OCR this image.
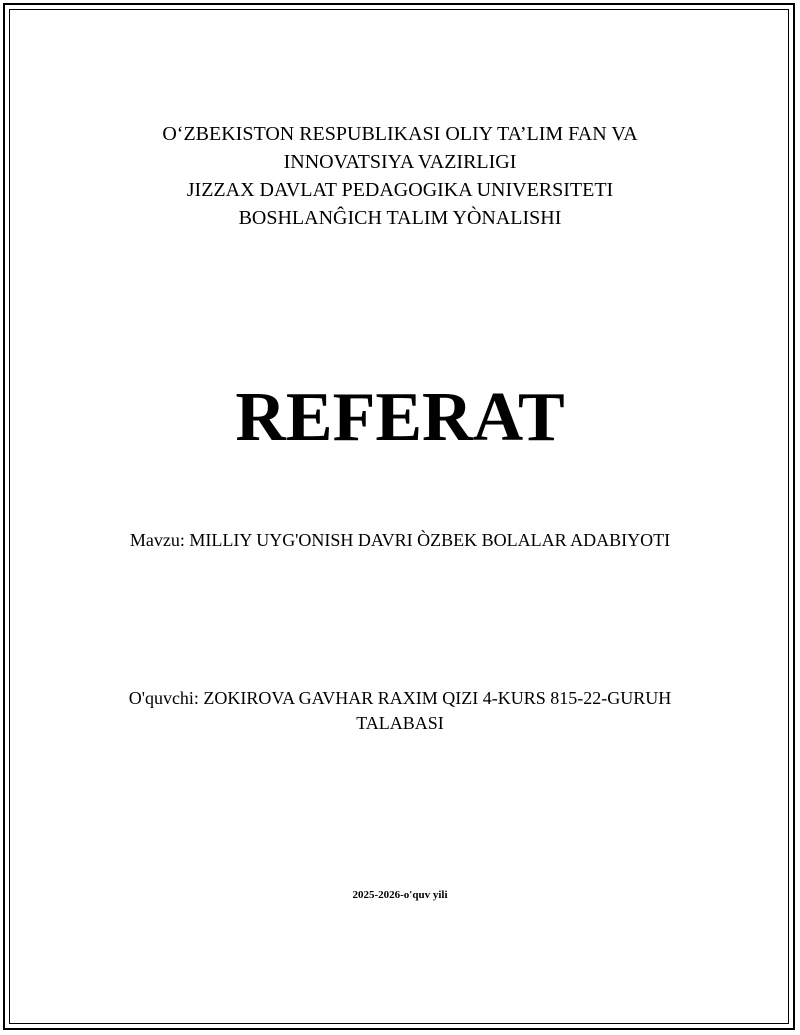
O‘ZBEKISTON RESPUBLIKASI OLIY TA’LIM FAN VA
INNOVATSIYA VAZIRLIGI
JIZZAX DAVLAT PEDAGOGIKA UNIVERSITETI
BOSHLANĜICH TALIM YÒNALISHI
REFERAT
Mavzu: MILLIY UYG'ONISH DAVRI ÒZBEK BOLALAR ADABIYOTI
O'quvchi: ZOKIROVA GAVHAR RAXIM QIZI 4-KURS 815-22-GURUH TALABASI
2025-2026-o'quv yili
